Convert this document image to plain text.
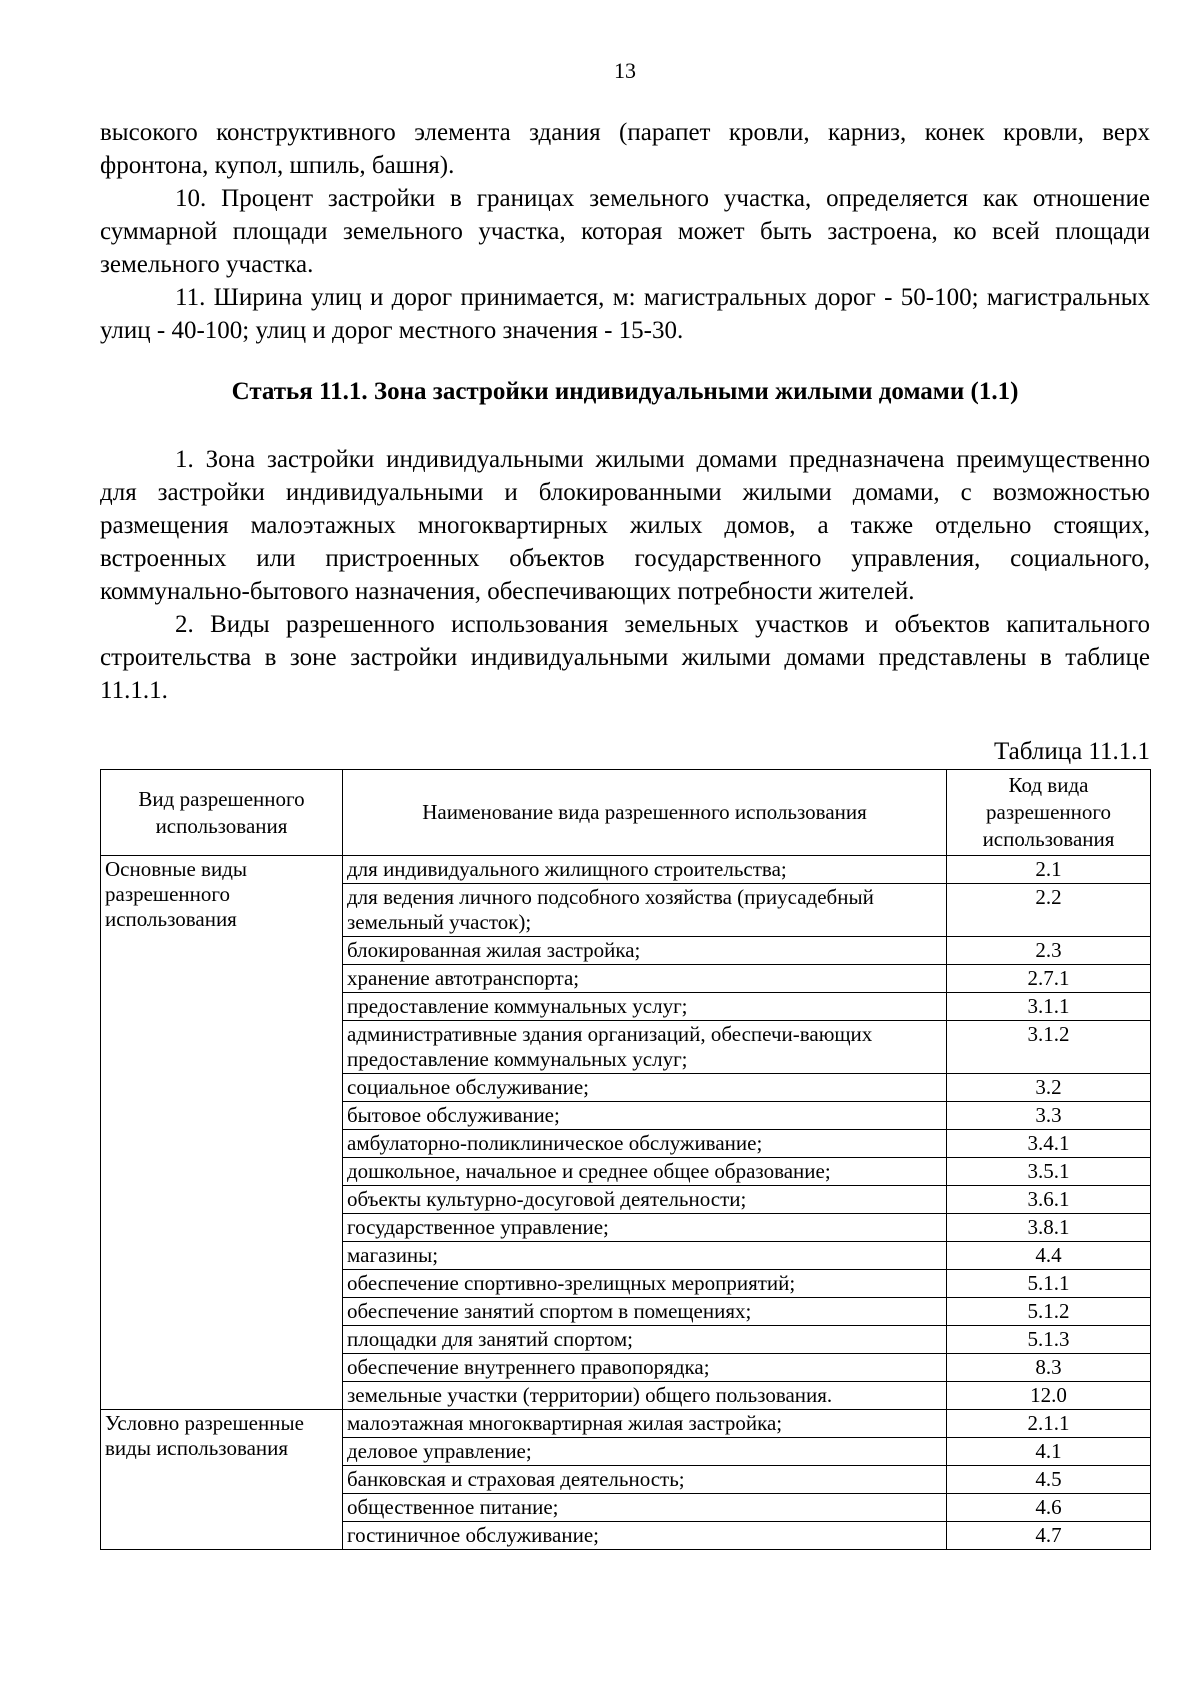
13

высокого конструктивного элемента здания (парапет кровли, карниз, конек кровли, верх фронтона, купол, шпиль, башня).

10. Процент застройки в границах земельного участка, определяется как отношение суммарной площади земельного участка, которая может быть застроена, ко всей площади земельного участка.

11. Ширина улиц и дорог принимается, м: магистральных дорог - 50-100; магистральных улиц - 40-100; улиц и дорог местного значения - 15-30.

Статья 11.1. Зона застройки индивидуальными жилыми домами (1.1)

1. Зона застройки индивидуальными жилыми домами предназначена преимущественно для застройки индивидуальными и блокированными жилыми домами, с возможностью размещения малоэтажных многоквартирных жилых домов, а также отдельно стоящих, встроенных или пристроенных объектов государственного управления, социального, коммунально-бытового назначения, обеспечивающих потребности жителей.

2. Виды разрешенного использования земельных участков и объектов капитального строительства в зоне застройки индивидуальными жилыми домами представлены в таблице 11.1.1.

Таблица 11.1.1
Вид разрешенного использования	Наименование вида разрешенного использования	Код вида разрешенного использования
Основные виды разрешенного использования	для индивидуального жилищного строительства;	2.1
	для ведения личного подсобного хозяйства (приусадебный земельный участок);	2.2
	блокированная жилая застройка;	2.3
	хранение автотранспорта;	2.7.1
	предоставление коммунальных услуг;	3.1.1
	административные здания организаций, обеспечи-вающих предоставление коммунальных услуг;	3.1.2
	социальное обслуживание;	3.2
	бытовое обслуживание;	3.3
	амбулаторно-поликлиническое обслуживание;	3.4.1
	дошкольное, начальное и среднее общее образование;	3.5.1
	объекты культурно-досуговой деятельности;	3.6.1
	государственное управление;	3.8.1
	магазины;	4.4
	обеспечение спортивно-зрелищных мероприятий;	5.1.1
	обеспечение занятий спортом в помещениях;	5.1.2
	площадки для занятий спортом;	5.1.3
	обеспечение внутреннего правопорядка;	8.3
	земельные участки (территории) общего пользования.	12.0
Условно разрешенные виды использования	малоэтажная многоквартирная жилая застройка;	2.1.1
	деловое управление;	4.1
	банковская и страховая деятельность;	4.5
	общественное питание;	4.6
	гостиничное обслуживание;	4.7
